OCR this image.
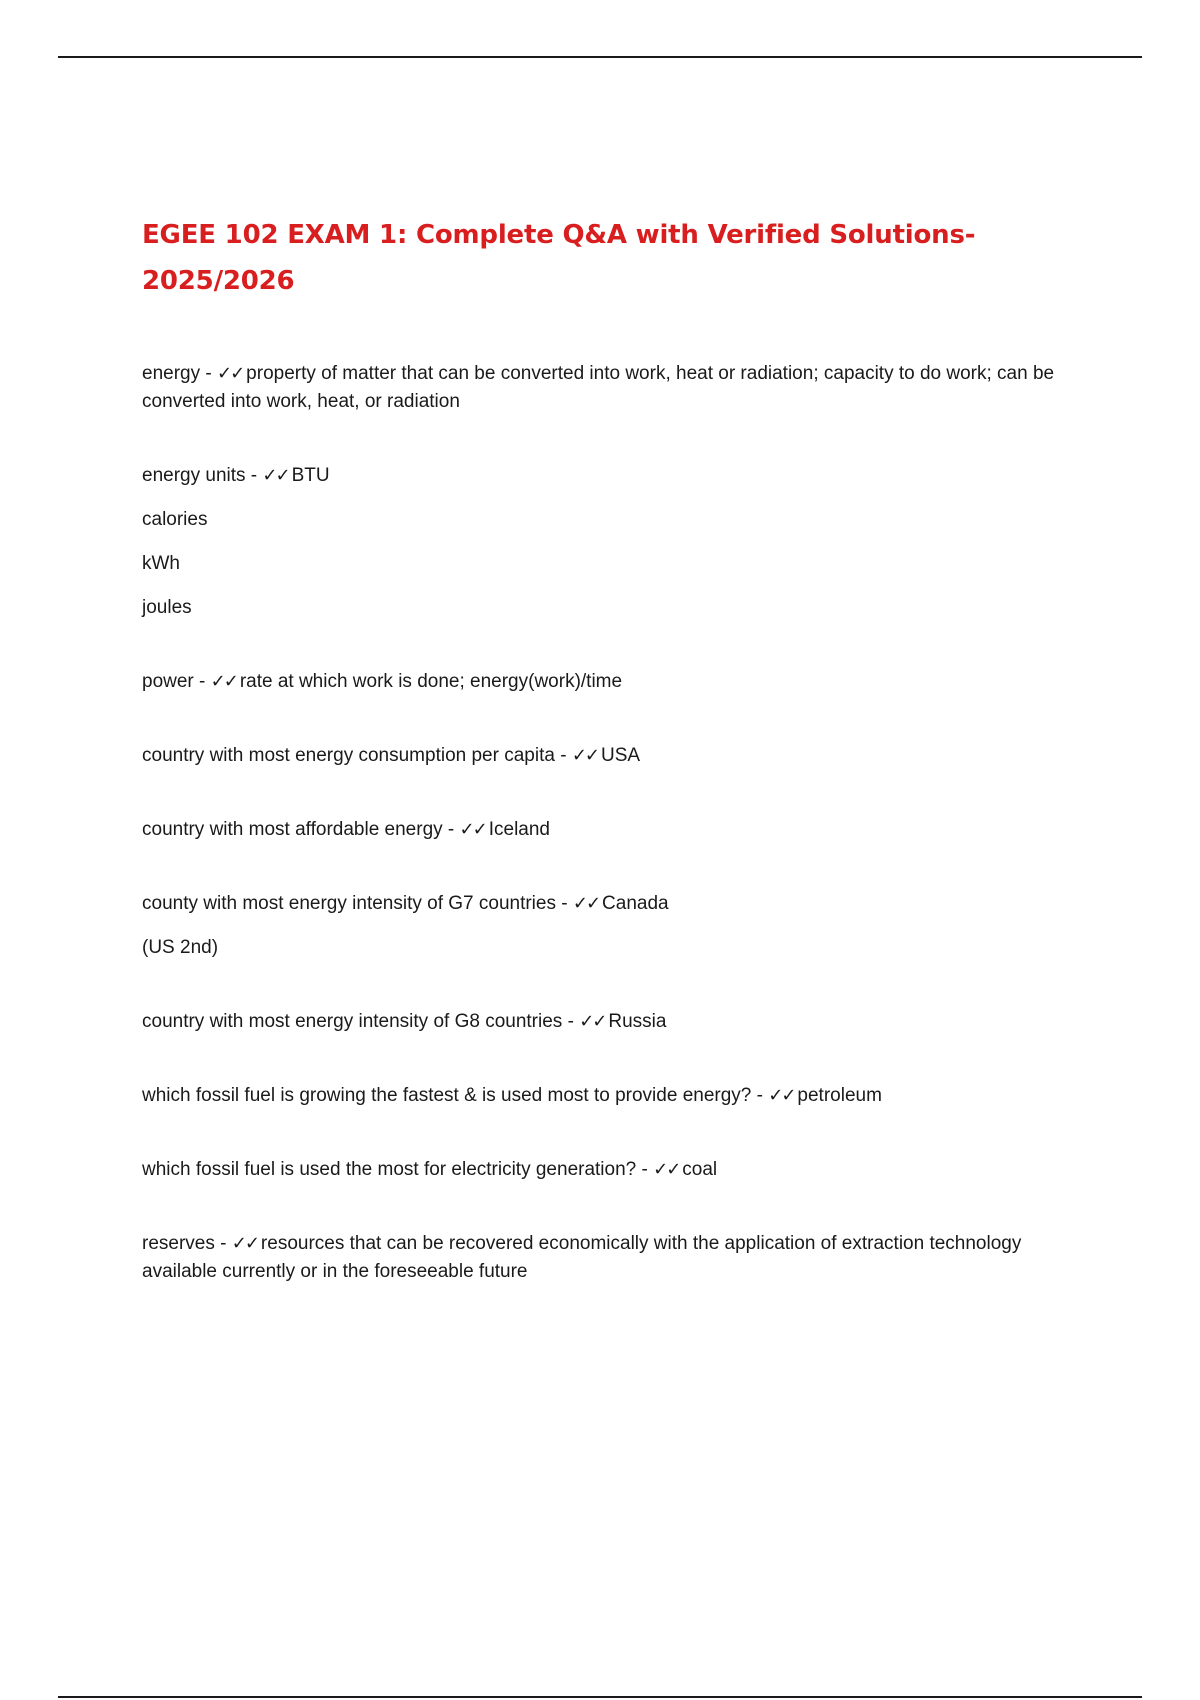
EGEE 102 EXAM 1: Complete Q&A with Verified Solutions-2025/2026

energy - ✓✓ property of matter that can be converted into work, heat or radiation; capacity to do work; can be converted into work, heat, or radiation

energy units - ✓✓ BTU

calories

kWh

joules

power - ✓✓ rate at which work is done; energy(work)/time

country with most energy consumption per capita - ✓✓ USA

country with most affordable energy - ✓✓ Iceland

county with most energy intensity of G7 countries - ✓✓ Canada

(US 2nd)

country with most energy intensity of G8 countries - ✓✓ Russia

which fossil fuel is growing the fastest & is used most to provide energy? - ✓✓ petroleum

which fossil fuel is used the most for electricity generation? - ✓✓ coal

reserves - ✓✓ resources that can be recovered economically with the application of extraction technology available currently or in the foreseeable future
